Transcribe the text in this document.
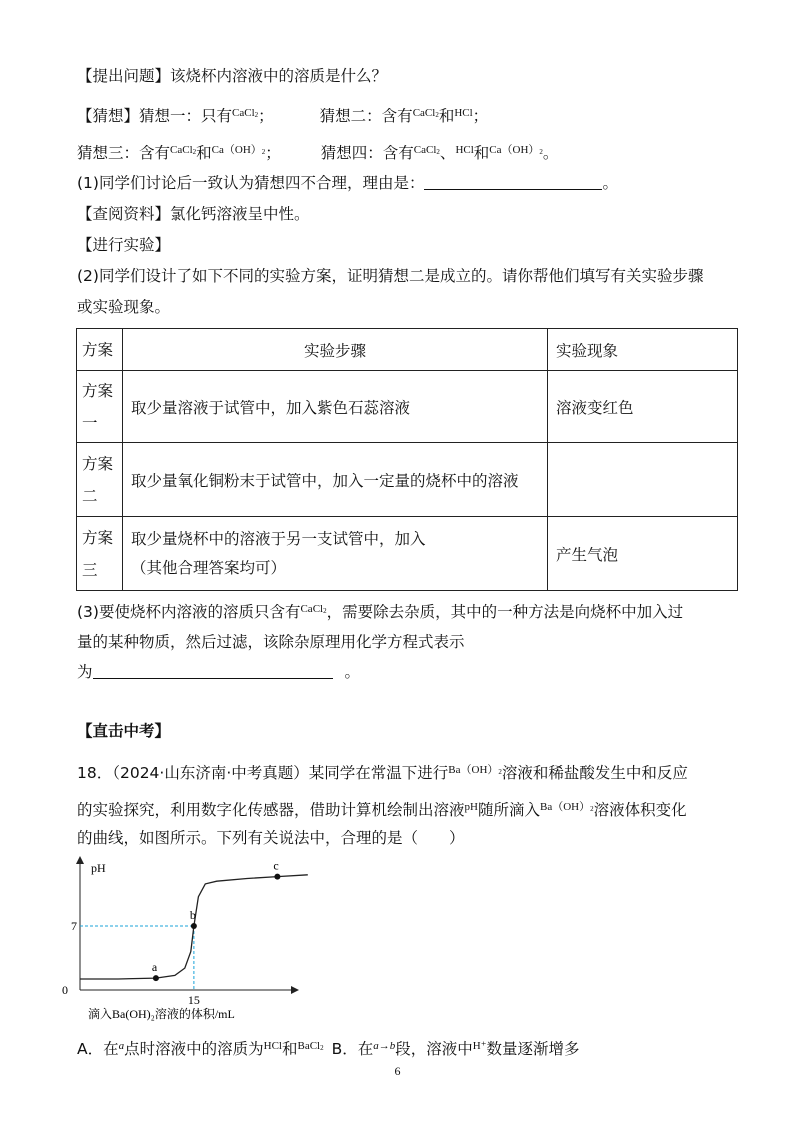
【提出问题】该烧杯内溶液中的溶质是什么？
【猜想】猜想一：只有$^{CaCl_2}$；	猜想二：含有$^{CaCl_2}$和$^{HCl}$；
猜想三：含有$^{CaCl_2}$和$^{Ca(OH)_2}$；	猜想四：含有$^{CaCl_2}$、$^{HCl}$和$^{Ca(OH)_2}$。
(1)同学们讨论后一致认为猜想四不合理，理由是：	。
【查阅资料】氯化钙溶液呈中性。
【进行实验】
(2)同学们设计了如下不同的实验方案，证明猜想二是成立的。请你帮他们填写有关实验步骤
或实验现象。
方案	实验步骤	实验现象
方案
一	取少量溶液于试管中，加入紫色石蕊溶液	溶液变红色
方案
二	取少量氧化铜粉末于试管中，加入一定量的烧杯中的溶液	
方案
三	取少量烧杯中的溶液于另一支试管中，加入
（其他合理答案均可）	产生气泡
(3)要使烧杯内溶液的溶质只含有$^{CaCl_2}$，需要除去杂质，其中的一种方法是向烧杯中加入过
量的某种物质，然后过滤，该除杂原理用化学方程式表示
为	。
【直击中考】
18．（2024·山东济南·中考真题）某同学在常温下进行$^{Ba(OH)_2}$溶液和稀盐酸发生中和反应
的实验探究，利用数字化传感器，借助计算机绘制出溶液$^{pH}$随所滴入$^{Ba(OH)_2}$溶液体积变化
的曲线，如图所示。下列有关说法中，合理的是（　　）
pH
0
7
15
a
b
c
滴入Ba(OH)₂溶液的体积/mL
A．在$^a$点时溶液中的溶质为$^{HCl}$和$^{BaCl_2}$ B．在$^{a\to b}$段，溶液中$^{H^+}$数量逐渐增多
6
